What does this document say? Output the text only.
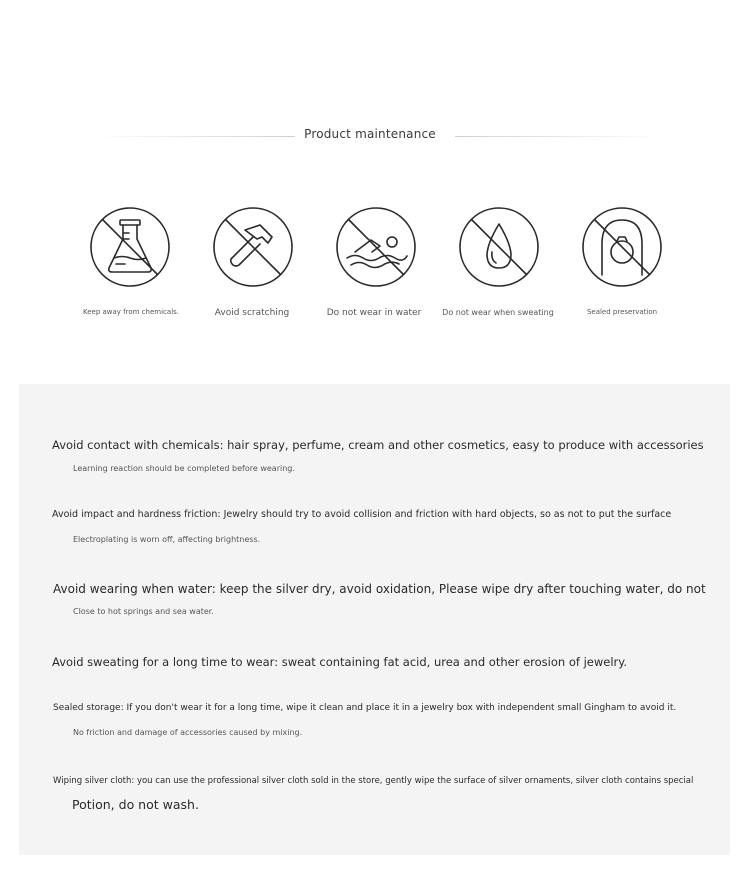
Product maintenance
Keep away from chemicals.	Avoid scratching	Do not wear in water	Do not wear when sweating	Sealed preservation
Avoid contact with chemicals: hair spray, perfume, cream and other cosmetics, easy to produce with accessories
Learning reaction should be completed before wearing.
Avoid impact and hardness friction: Jewelry should try to avoid collision and friction with hard objects, so as not to put the surface
Electroplating is worn off, affecting brightness.
Avoid wearing when water: keep the silver dry, avoid oxidation, Please wipe dry after touching water, do not
Close to hot springs and sea water.
Avoid sweating for a long time to wear: sweat containing fat acid, urea and other erosion of jewelry.
Sealed storage: If you don't wear it for a long time, wipe it clean and place it in a jewelry box with independent small Gingham to avoid it.
No friction and damage of accessories caused by mixing.
Wiping silver cloth: you can use the professional silver cloth sold in the store, gently wipe the surface of silver ornaments, silver cloth contains special
Potion, do not wash.
